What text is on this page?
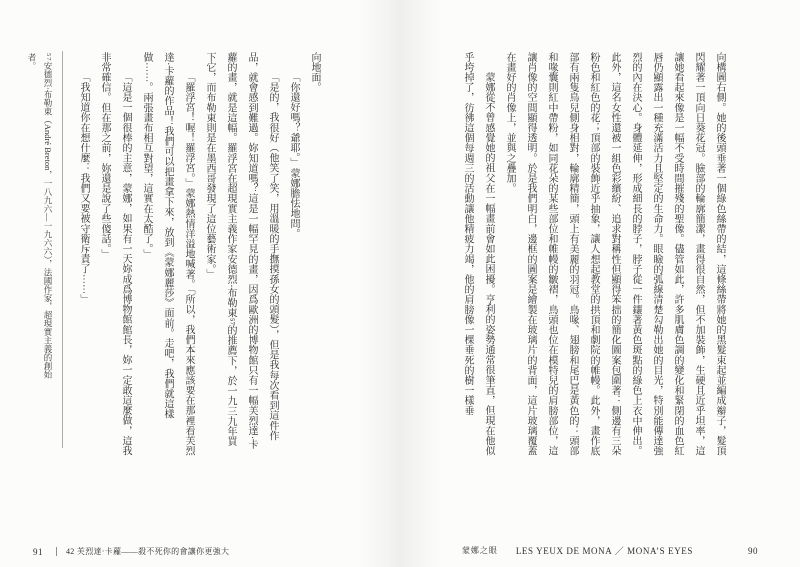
57安德烈·布勒東（André Breton，一八九六—一九六六），法國作家，超現實主義的創始者。	向地面。

「你還好嗎？爺耶。」蒙娜膽怯地問。

「是的，我很好（他笑了笑，用溫暖的手撫摸孫女的頭髮），但是我每次看到這件作品，就會感到難過。妳知道嗎？這是一幅罕見的畫，因爲歐洲的博物館只有一幅芙烈達·卡蘿的畫，就是這幅。羅浮宮在超現實主義作家安德烈·布勒東⁵⁷的推薦下，於一九三九年買下它，而布勒東則是在墨西哥發現了這位藝術家。」

「羅浮宮！喔！羅浮宮。」蒙娜熱情洋溢地喊著。「所以，我們本來應該要在那裡看芙烈達·卡蘿的作品！我們可以把畫拿下來，放到《蒙娜麗莎》面前。走吧，我們就這樣做⋯⋯。兩張畫布相互對望，這實在太酷了。」

「這是一個很棒的主意，蒙娜，如果有一天妳成爲博物館館長，妳一定敢這麼做，這我非常確信。但在那之前，妳還是說了些傻話。」

「我知道你在想什麼：我們又要被守衛斥責了⋯⋯」

91	42 芙烈達·卡蘿——殺不死你的會讓你更強大

向構圖右側。她的後頭垂著一個綠色絲帶的結，這條絲帶將她的黑髮束起並編成辮子，髮頂閃耀著一頂向日葵花冠。臉部的輪廓簡潔，畫得很自然，但不加裝飾，生硬且近乎坦率，這讓她看起來像是一幅不受時間摧殘的聖像。儘管如此，許多肌膚色調的變化和緊閉的血色紅唇仍顯露出一種充滿活力且堅定的生命力。眼瞼的弧線清楚勾勒出她的目光，特別能傳達強烈的內在決心。身體延伸，形成細長的脖子，脖子從一件鑲著黃色斑點的綠色上衣中伸出。此外，這名女性還被一組色彩繽紛、追求對稱性但顯得笨拙的簡化圖案包圍著：側邊有三朵粉色和紅色的花；頂部的裝飾近乎抽象，讓人想起教堂的拱頂和劇院的帷幔。此外，畫作底部有兩隻鳥兒側身相對，輪廓精簡，頭上有美麗的羽冠。鳥喙、翅膀和尾巴是黃色的：頭部和喙囊則紅中帶粉，如同花朵的某些部位和帷幔的皺褶，鳥頭也位在模特兒的肩膀部位，這讓肖像的空間顯得透明。於是我們明白，邊框的圖案是繪製在玻璃片的背面，這片玻璃覆蓋在畫好的肖像上，並與之疊加。

蒙娜從不曾感覺她的祖父在一幅畫前會如此困擾。亨利的姿勢通常很筆直，但現在他似乎垮掉了，彷彿這個每週三的活動讓他精疲力竭，他的肩膀像一棵垂死的樹一樣垂

蒙娜之眼 LES YEUX DE MONA ／ MONA’S EYES	90
